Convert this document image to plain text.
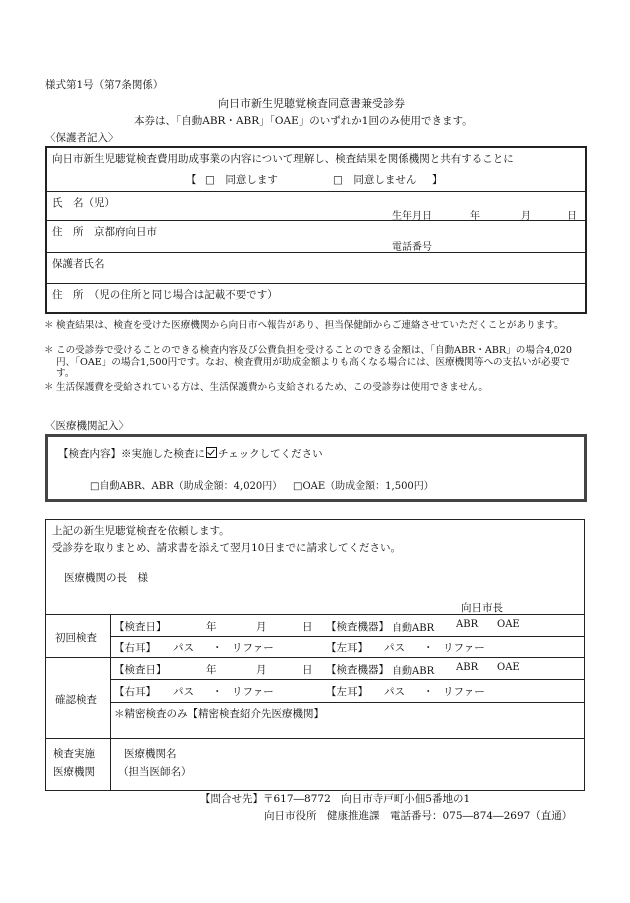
様式第1号（第7条関係）
向日市新生児聴覚検査同意書兼受診券
本券は、「自動ABR・ABR」「OAE」のいずれか1回のみ使用できます。
〈保護者記入〉
向日市新生児聴覚検査費用助成事業の内容について理解し、検査結果を関係機関と共有することに
【 □　同意します	□　同意しません 】
氏　名（児）
生年月日	年	月	日
住　所　京都府向日市
電話番号
保護者氏名
住　所　（児の住所と同じ場合は記載不要です）
＊ 検査結果は、検査を受けた医療機関から向日市へ報告があり、担当保健師からご連絡させていただくことがあります。
＊ この受診券で受けることのできる検査内容及び公費負担を受けることのできる金額は、「自動ABR・ABR」の場合4,020円、「OAE」の場合1,500円です。なお、検査費用が助成金額よりも高くなる場合には、医療機関等への支払いが必要です。
＊ 生活保護費を受給されている方は、生活保護費から支給されるため、この受診券は使用できません。
〈医療機関記入〉
【検査内容】※実施した検査に チェックしてください
□自動ABR、ABR（助成金額：4,020円） □OAE（助成金額：1,500円）
上記の新生児聴覚検査を依頼します。
受診券を取りまとめ、請求書を添えて翌月10日までに請求してください。
医療機関の長　様
向日市長
初回検査
【検査日】	年	月	日 【検査機器】 自動ABR ABR OAE
【右耳】 パス ・ リファー	【左耳】 パス ・ リファー
確認検査
【検査日】	年	月	日 【検査機器】 自動ABR ABR OAE
【右耳】 パス ・ リファー	【左耳】 パス ・ リファー
＊精密検査のみ【精密検査紹介先医療機関】
検査実施
医療機関
医療機関名
（担当医師名）
【問合せ先】〒617―8772　向日市寺戸町小佃5番地の1
向日市役所　健康推進課　電話番号：075―874―2697（直通）
